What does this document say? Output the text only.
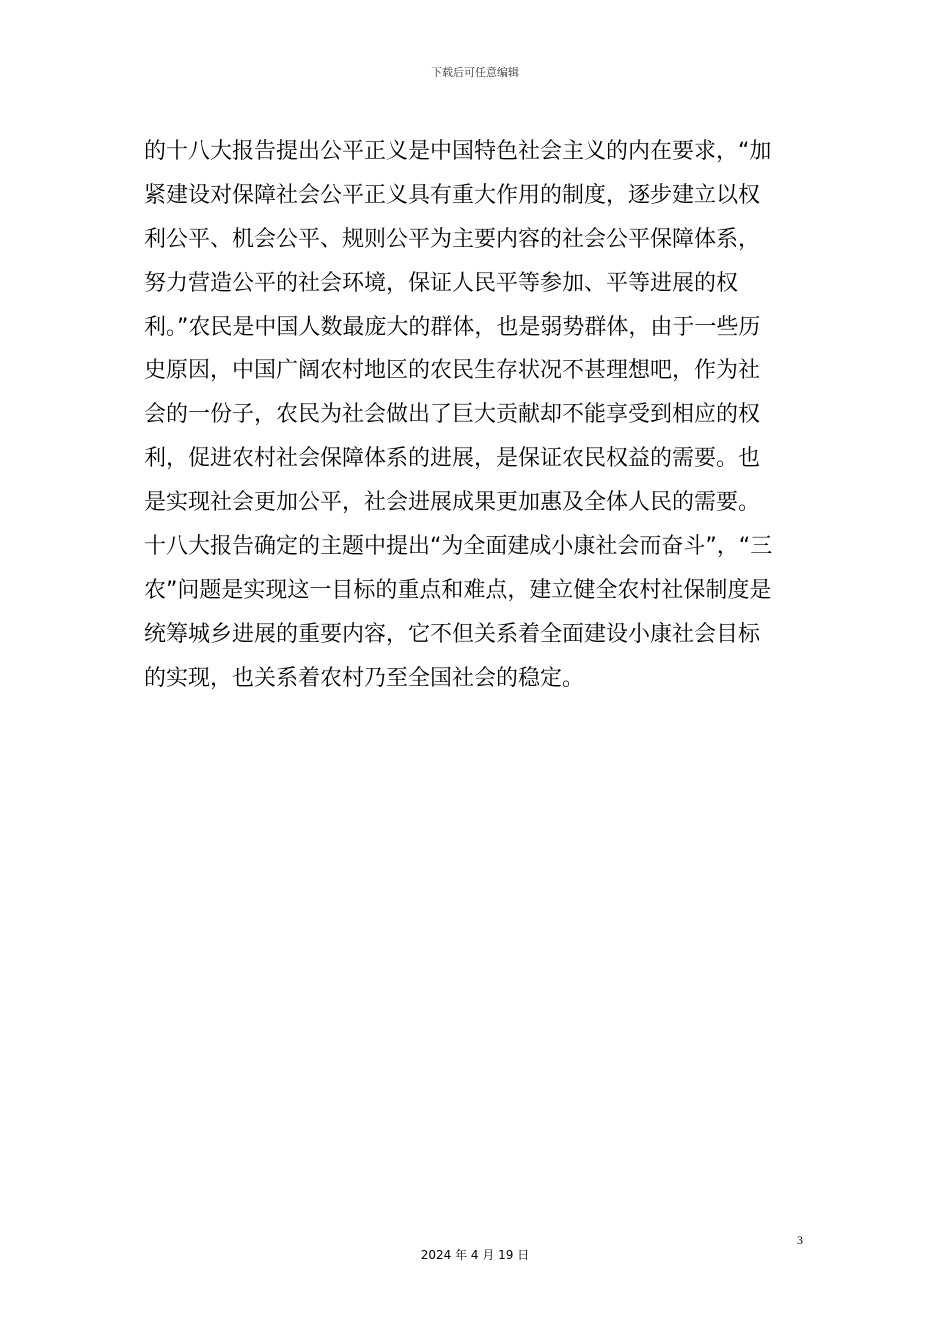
下载后可任意编辑
的十八大报告提出公平正义是中国特色社会主义的内在要求，“加
紧建设对保障社会公平正义具有重大作用的制度，逐步建立以权
利公平、机会公平、规则公平为主要内容的社会公平保障体系，
努力营造公平的社会环境，保证人民平等参加、平等进展的权
利。”农民是中国人数最庞大的群体，也是弱势群体，由于一些历
史原因，中国广阔农村地区的农民生存状况不甚理想吧，作为社
会的一份子，农民为社会做出了巨大贡献却不能享受到相应的权
利，促进农村社会保障体系的进展，是保证农民权益的需要。也
是实现社会更加公平，社会进展成果更加惠及全体人民的需要。
十八大报告确定的主题中提出“为全面建成小康社会而奋斗”，“三
农”问题是实现这一目标的重点和难点，建立健全农村社保制度是
统筹城乡进展的重要内容，它不但关系着全面建设小康社会目标
的实现，也关系着农村乃至全国社会的稳定。
3
2024 年 4 月 19 日
